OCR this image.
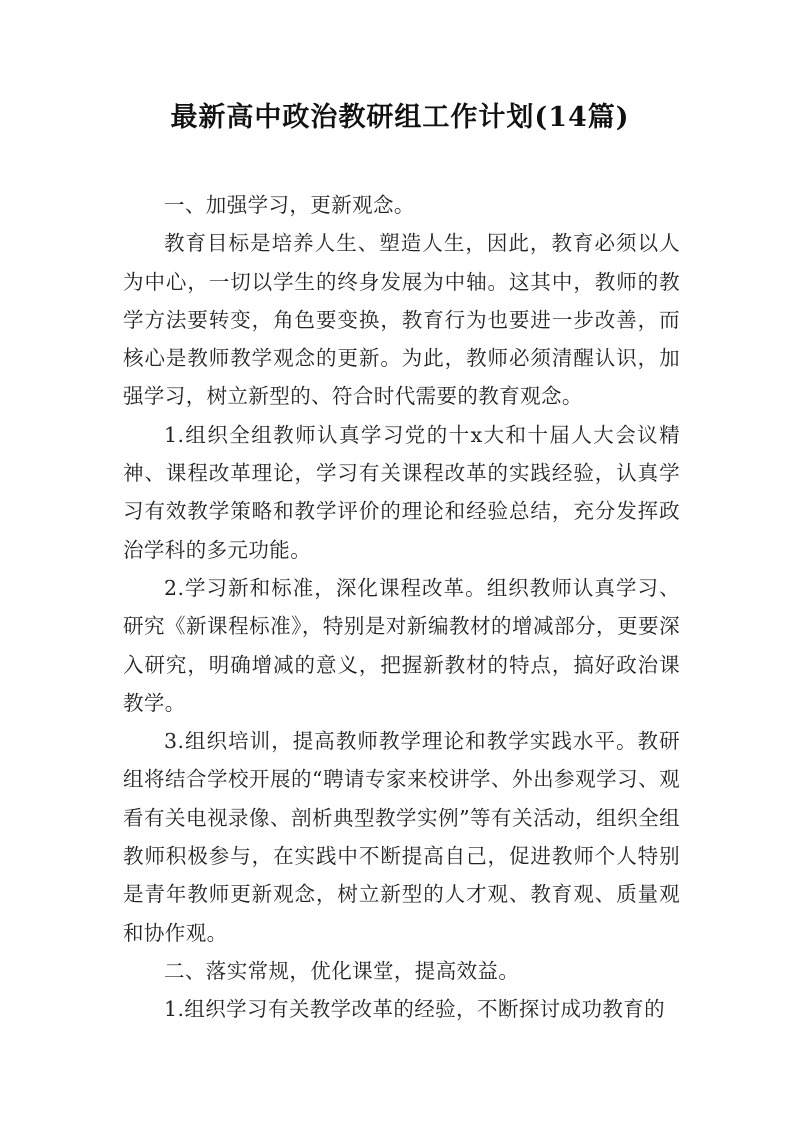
最新高中政治教研组工作计划(14篇)

一、加强学习，更新观念。

教育目标是培养人生、塑造人生，因此，教育必须以人为中心，一切以学生的终身发展为中轴。这其中，教师的教学方法要转变，角色要变换，教育行为也要进一步改善，而核心是教师教学观念的更新。为此，教师必须清醒认识，加强学习，树立新型的、符合时代需要的教育观念。

1.组织全组教师认真学习党的十x大和十届人大会议精神、课程改革理论，学习有关课程改革的实践经验，认真学习有效教学策略和教学评价的理论和经验总结，充分发挥政治学科的多元功能。

2.学习新和标准，深化课程改革。组织教师认真学习、研究《新课程标准》，特别是对新编教材的增减部分，更要深入研究，明确增减的意义，把握新教材的特点，搞好政治课教学。

3.组织培训，提高教师教学理论和教学实践水平。教研组将结合学校开展的“聘请专家来校讲学、外出参观学习、观看有关电视录像、剖析典型教学实例”等有关活动，组织全组教师积极参与，在实践中不断提高自己，促进教师个人特别是青年教师更新观念，树立新型的人才观、教育观、质量观和协作观。

二、落实常规，优化课堂，提高效益。

1.组织学习有关教学改革的经验，不断探讨成功教育的
